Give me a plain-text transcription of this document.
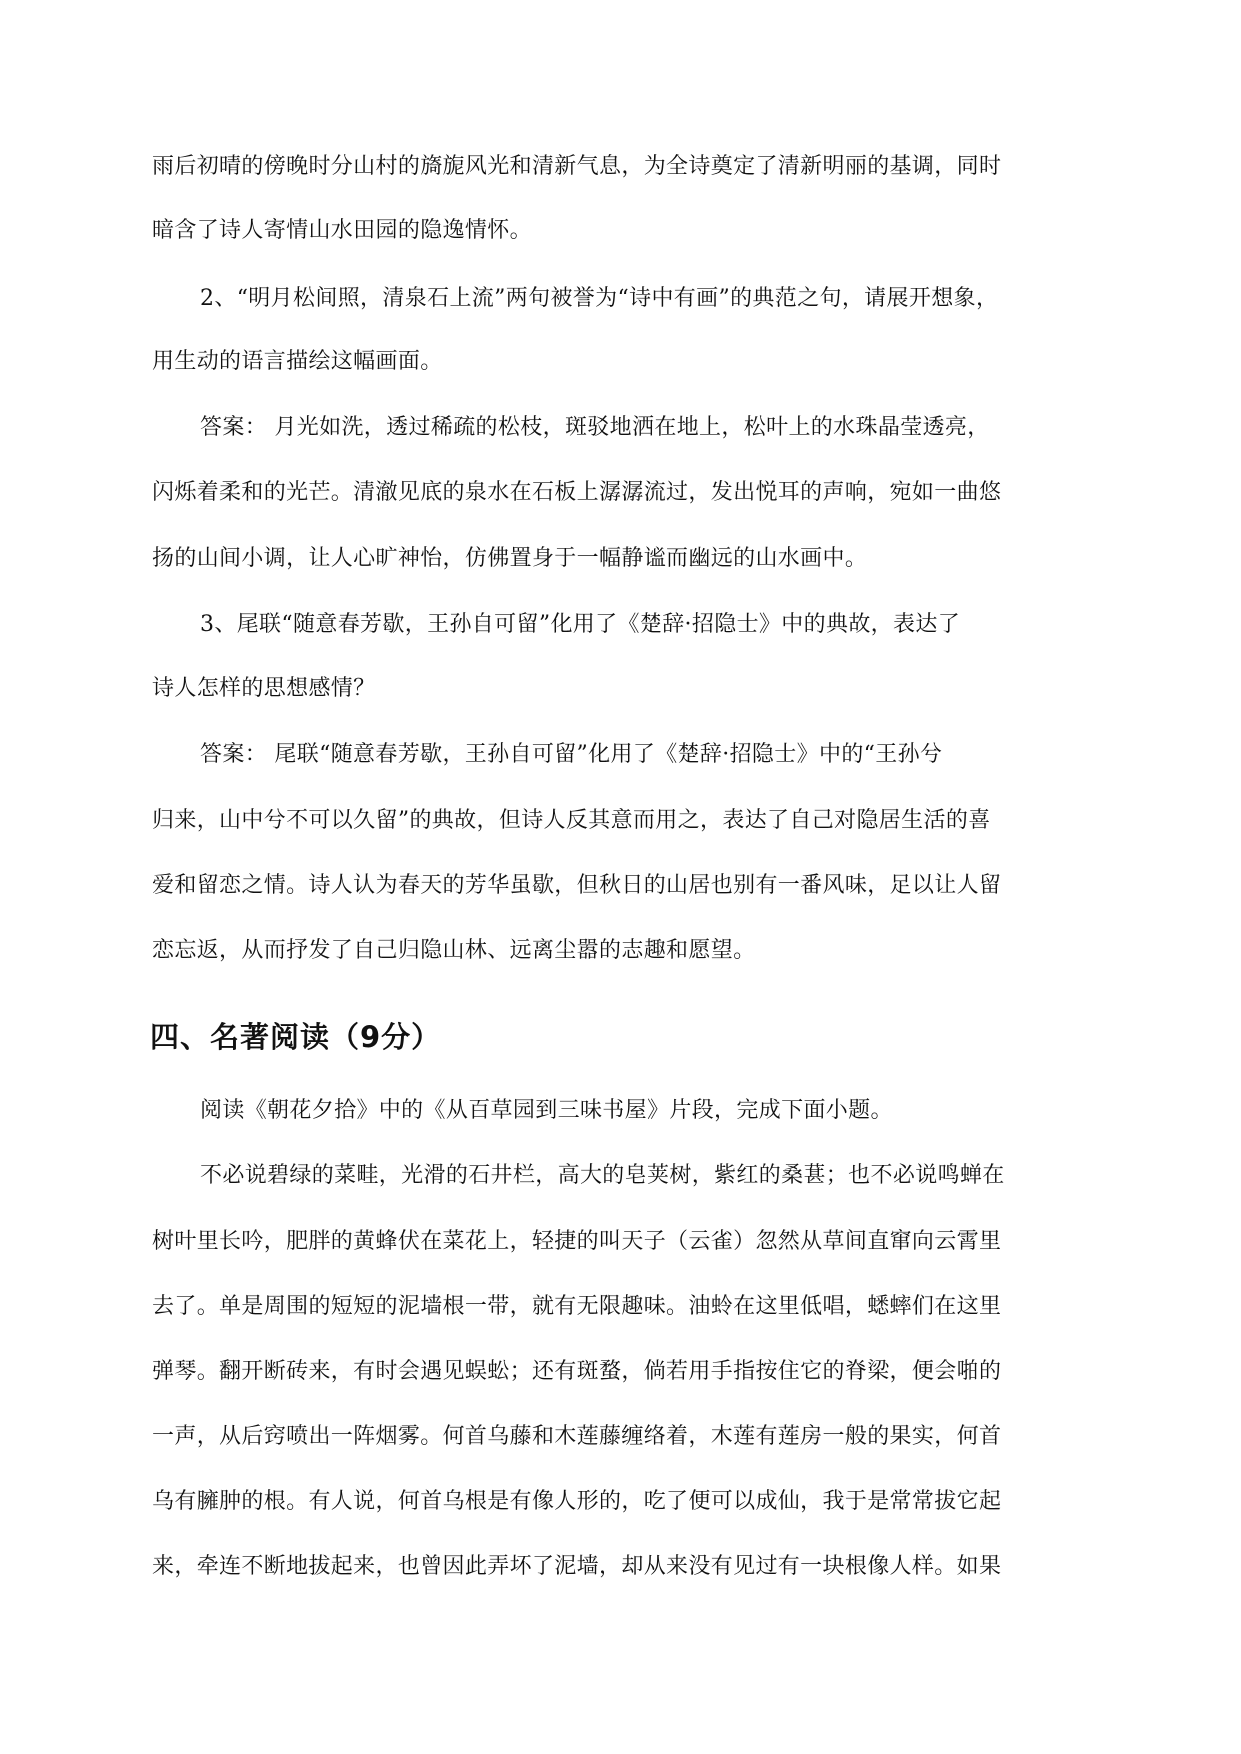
雨后初晴的傍晚时分山村的旖旎风光和清新气息，为全诗奠定了清新明丽的基调，同时
暗含了诗人寄情山水田园的隐逸情怀。
2、“明月松间照，清泉石上流”两句被誉为“诗中有画”的典范之句，请展开想象，
用生动的语言描绘这幅画面。
答案： 月光如洗，透过稀疏的松枝，斑驳地洒在地上，松叶上的水珠晶莹透亮，
闪烁着柔和的光芒。清澈见底的泉水在石板上潺潺流过，发出悦耳的声响，宛如一曲悠
扬的山间小调，让人心旷神怡，仿佛置身于一幅静谧而幽远的山水画中。
3、尾联“随意春芳歇，王孙自可留”化用了《楚辞·招隐士》中的典故，表达了
诗人怎样的思想感情？
答案： 尾联“随意春芳歇，王孙自可留”化用了《楚辞·招隐士》中的“王孙兮
归来，山中兮不可以久留”的典故，但诗人反其意而用之，表达了自己对隐居生活的喜
爱和留恋之情。诗人认为春天的芳华虽歇，但秋日的山居也别有一番风味，足以让人留
恋忘返，从而抒发了自己归隐山林、远离尘嚣的志趣和愿望。
四、名著阅读（9分）
阅读《朝花夕拾》中的《从百草园到三味书屋》片段，完成下面小题。
不必说碧绿的菜畦，光滑的石井栏，高大的皂荚树，紫红的桑葚；也不必说鸣蝉在
树叶里长吟，肥胖的黄蜂伏在菜花上，轻捷的叫天子（云雀）忽然从草间直窜向云霄里
去了。单是周围的短短的泥墙根一带，就有无限趣味。油蛉在这里低唱，蟋蟀们在这里
弹琴。翻开断砖来，有时会遇见蜈蚣；还有斑蝥，倘若用手指按住它的脊梁，便会啪的
一声，从后窍喷出一阵烟雾。何首乌藤和木莲藤缠络着，木莲有莲房一般的果实，何首
乌有臃肿的根。有人说，何首乌根是有像人形的，吃了便可以成仙，我于是常常拔它起
来，牵连不断地拔起来，也曾因此弄坏了泥墙，却从来没有见过有一块根像人样。如果
